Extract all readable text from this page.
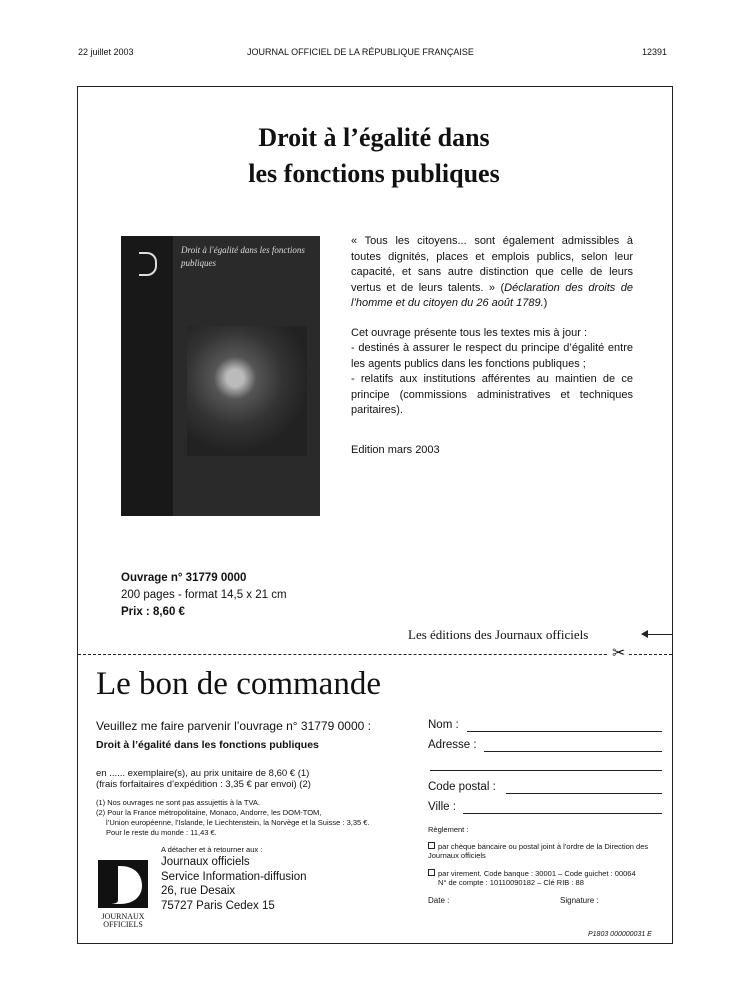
22 juillet 2003	JOURNAL OFFICIEL DE LA RÉPUBLIQUE FRANÇAISE	12391
Droit à l’égalité dans
les fonctions publiques
Droit à l'égalité dans les fonctions publiques

« Tous les citoyens... sont également admissibles à toutes dignités, places et emplois publics, selon leur capacité, et sans autre distinction que celle de leurs vertus et de leurs talents. » (Déclaration des droits de l’homme et du citoyen du 26 août 1789.)

Cet ouvrage présente tous les textes mis à jour :

- destinés à assurer le respect du principe d’égalité entre les agents publics dans les fonctions publiques ;

- relatifs aux institutions afférentes au maintien de ce principe (commissions administratives et techniques paritaires).

Edition mars 2003

Ouvrage n° 31779 0000
200 pages - format 14,5 x 21 cm
Prix : 8,60 €
Les éditions des Journaux officiels
✂
Le bon de commande
Veuillez me faire parvenir l’ouvrage n° 31779 0000 :
Droit à l’égalité dans les fonctions publiques
en ...... exemplaire(s), au prix unitaire de 8,60 € (1)
(frais forfaitaires d’expédition : 3,35 € par envoi) (2)
(1) Nos ouvrages ne sont pas assujettis à la TVA.
(2) Pour la France métropolitaine, Monaco, Andorre, les DOM-TOM,
l’Union européenne, l’Islande, le Liechtenstein, la Norvège et la Suisse : 3,35 €.
Pour le reste du monde : 11,43 €.
A détacher et à retourner aux :
JOURNAUX
OFFICIELS
Journaux officiels
Service Information-diffusion
26, rue Desaix
75727 Paris Cedex 15
Nom :
Adresse :
Code postal :
Ville :
Règlement :
par chèque bancaire ou postal joint à l’ordre de la Direction des Journaux officiels
par virement. Code banque : 30001 – Code guichet : 00064
N° de compte : 10110090182 – Clé RIB : 88
Date :	Signature :
P1803 000000031 E
